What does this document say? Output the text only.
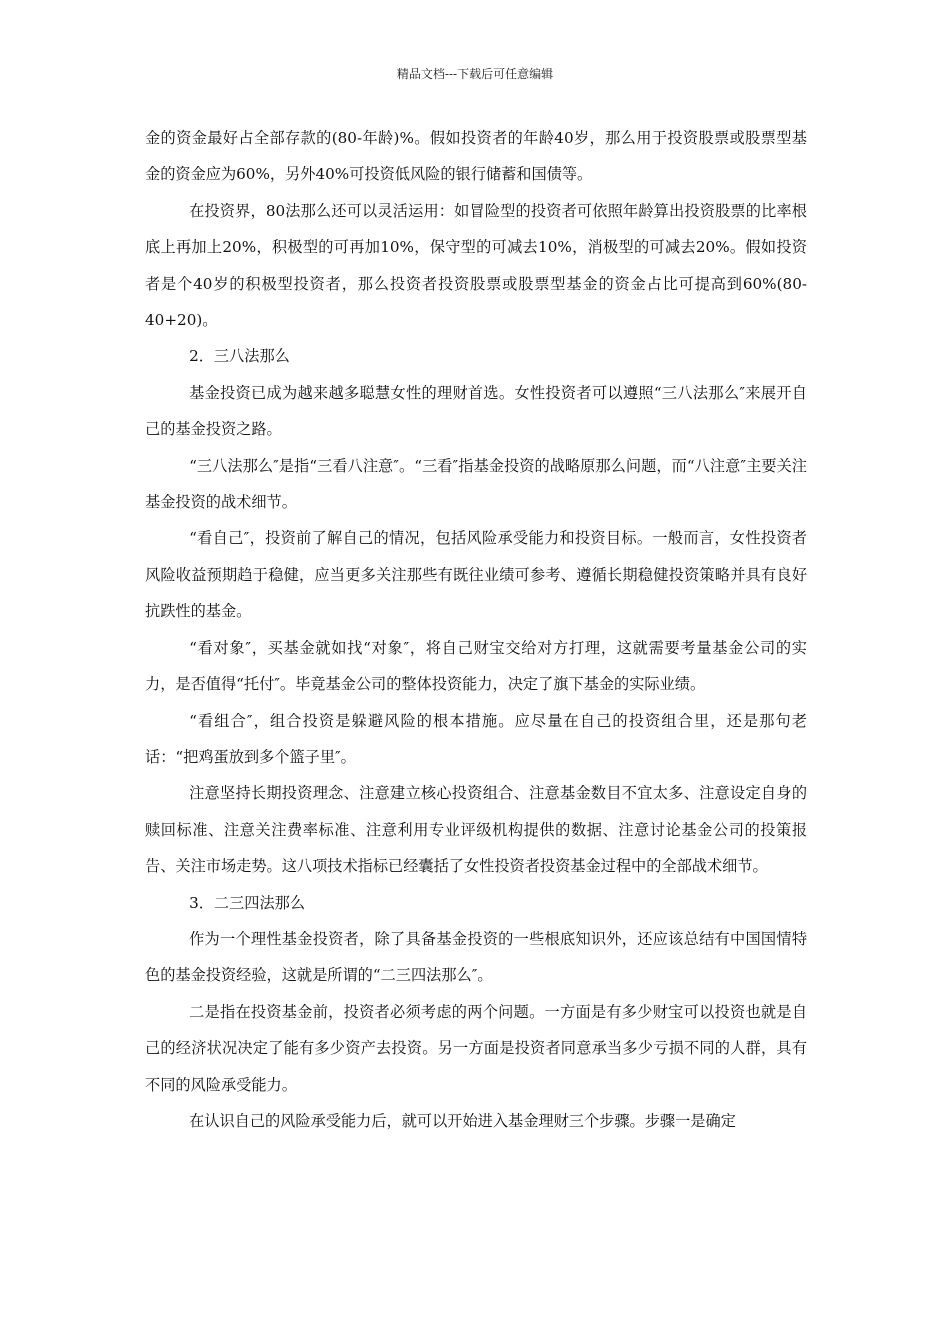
精品文档---下载后可任意编辑

金的资金最好占全部存款的(80-年龄)%。假如投资者的年龄40岁，那么用于投资股票或股票型基金的资金应为60%，另外40%可投资低风险的银行储蓄和国债等。

在投资界，80法那么还可以灵活运用：如冒险型的投资者可依照年龄算出投资股票的比率根底上再加上20%，积极型的可再加10%，保守型的可减去10%，消极型的可减去20%。假如投资者是个40岁的积极型投资者，那么投资者投资股票或股票型基金的资金占比可提高到60%(80-40+20)。

2．三八法那么

基金投资已成为越来越多聪慧女性的理财首选。女性投资者可以遵照“三八法那么″来展开自己的基金投资之路。

“三八法那么″是指“三看八注意″。“三看″指基金投资的战略原那么问题，而“八注意″主要关注基金投资的战术细节。

“看自己″，投资前了解自己的情况，包括风险承受能力和投资目标。一般而言，女性投资者风险收益预期趋于稳健，应当更多关注那些有既往业绩可参考、遵循长期稳健投资策略并具有良好抗跌性的基金。

“看对象″，买基金就如找“对象″，将自己财宝交给对方打理，这就需要考量基金公司的实力，是否值得“托付″。毕竟基金公司的整体投资能力，决定了旗下基金的实际业绩。

“看组合″，组合投资是躲避风险的根本措施。应尽量在自己的投资组合里，还是那句老话：“把鸡蛋放到多个篮子里″。

注意坚持长期投资理念、注意建立核心投资组合、注意基金数目不宜太多、注意设定自身的赎回标准、注意关注费率标准、注意利用专业评级机构提供的数据、注意讨论基金公司的投策报告、关注市场走势。这八项技术指标已经囊括了女性投资者投资基金过程中的全部战术细节。

3．二三四法那么

作为一个理性基金投资者，除了具备基金投资的一些根底知识外，还应该总结有中国国情特色的基金投资经验，这就是所谓的“二三四法那么″。

二是指在投资基金前，投资者必须考虑的两个问题。一方面是有多少财宝可以投资也就是自己的经济状况决定了能有多少资产去投资。另一方面是投资者同意承当多少亏损不同的人群，具有不同的风险承受能力。

在认识自己的风险承受能力后，就可以开始进入基金理财三个步骤。步骤一是确定
